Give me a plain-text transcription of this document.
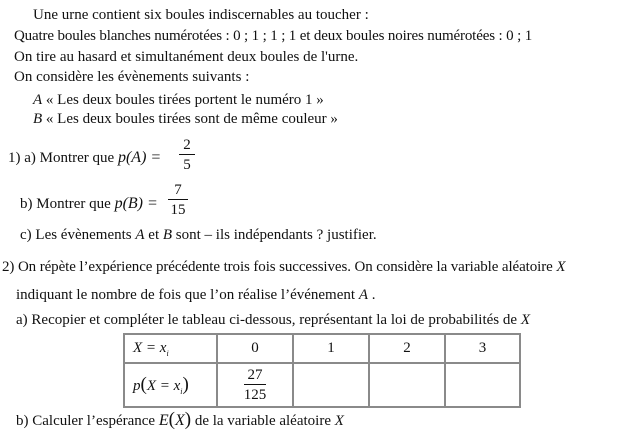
Une urne contient six boules indiscernables au toucher :
Quatre boules blanches numérotées : 0 ; 1 ; 1 ; 1 et deux boules noires numérotées : 0 ; 1
On tire au hasard et simultanément deux boules de l'urne.
On considère les évènements suivants :
A « Les deux boules tirées portent le numéro 1 »
B « Les deux boules tirées sont de même couleur »
1) a) Montrer que $p(A) = \frac{2}{5}$
b) Montrer que $p(B) = \frac{7}{15}$
c) Les évènements A et B sont – ils indépendants ? justifier.
2) On répète l’expérience précédente trois fois successives. On considère la variable aléatoire X
indiquant le nombre de fois que l’on réalise l’événement A .
a) Recopier et compléter le tableau ci-dessous, représentant la loi de probabilités de X
$X = x_i$	0	1	2	3
$p(X = x_i)$	$\frac{27}{125}$

b) Calculer l’espérance E(X) de la variable aléatoire X
